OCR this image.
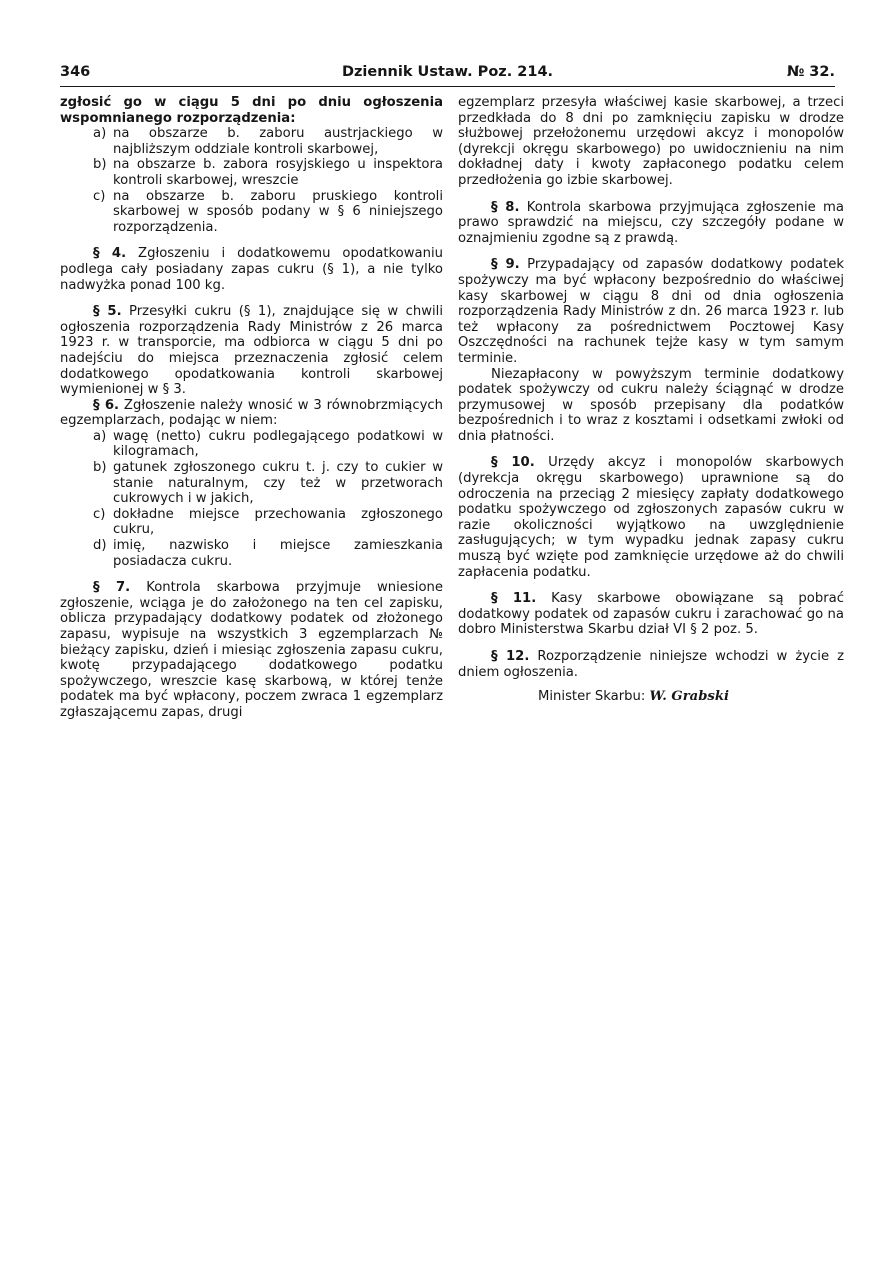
346	Dziennik Ustaw. Poz. 214.	№ 32.

zgłosić go w ciągu 5 dni po dniu ogłoszenia wspomnianego rozporządzenia:

a) na obszarze b. zaboru austrjackiego w najbliższym oddziale kontroli skarbowej,
b) na obszarze b. zabora rosyjskiego u inspektora kontroli skarbowej, wreszcie
c) na obszarze b. zaboru pruskiego kontroli skarbowej w sposób podany w § 6 niniejszego rozporządzenia.

§ 4. Zgłoszeniu i dodatkowemu opodatkowaniu podlega cały posiadany zapas cukru (§ 1), a nie tylko nadwyżka ponad 100 kg.

§ 5. Przesyłki cukru (§ 1), znajdujące się w chwili ogłoszenia rozporządzenia Rady Ministrów z 26 marca 1923 r. w transporcie, ma odbiorca w ciągu 5 dni po nadejściu do miejsca przeznaczenia zgłosić celem dodatkowego opodatkowania kontroli skarbowej wymienionej w § 3.

§ 6. Zgłoszenie należy wnosić w 3 równobrzmiących egzemplarzach, podając w niem:

a) wagę (netto) cukru podlegającego podatkowi w kilogramach,
b) gatunek zgłoszonego cukru t. j. czy to cukier w stanie naturalnym, czy też w przetworach cukrowych i w jakich,
c) dokładne miejsce przechowania zgłoszonego cukru,
d) imię, nazwisko i miejsce zamieszkania posiadacza cukru.

§ 7. Kontrola skarbowa przyjmuje wniesione zgłoszenie, wciąga je do założonego na ten cel zapisku, oblicza przypadający dodatkowy podatek od złożonego zapasu, wypisuje na wszystkich 3 egzemplarzach № bieżący zapisku, dzień i miesiąc zgłoszenia zapasu cukru, kwotę przypadającego dodatkowego podatku spożywczego, wreszcie kasę skarbową, w której tenże podatek ma być wpłacony, poczem zwraca 1 egzemplarz zgłaszającemu zapas, drugi

egzemplarz przesyła właściwej kasie skarbowej, a trzeci przedkłada do 8 dni po zamknięciu zapisku w drodze służbowej przełożonemu urzędowi akcyz i monopolów (dyrekcji okręgu skarbowego) po uwidocznieniu na nim dokładnej daty i kwoty zapłaconego podatku celem przedłożenia go izbie skarbowej.

§ 8. Kontrola skarbowa przyjmująca zgłoszenie ma prawo sprawdzić na miejscu, czy szczegóły podane w oznajmieniu zgodne są z prawdą.

§ 9. Przypadający od zapasów dodatkowy podatek spożywczy ma być wpłacony bezpośrednio do właściwej kasy skarbowej w ciągu 8 dni od dnia ogłoszenia rozporządzenia Rady Ministrów z dn. 26 marca 1923 r. lub też wpłacony za pośrednictwem Pocztowej Kasy Oszczędności na rachunek tejże kasy w tym samym terminie.

Niezapłacony w powyższym terminie dodatkowy podatek spożywczy od cukru należy ściągnąć w drodze przymusowej w sposób przepisany dla podatków bezpośrednich i to wraz z kosztami i odsetkami zwłoki od dnia płatności.

§ 10. Urzędy akcyz i monopolów skarbowych (dyrekcja okręgu skarbowego) uprawnione są do odroczenia na przeciąg 2 miesięcy zapłaty dodatkowego podatku spożywczego od zgłoszonych zapasów cukru w razie okoliczności wyjątkowo na uwzględnienie zasługujących; w tym wypadku jednak zapasy cukru muszą być wzięte pod zamknięcie urzędowe aż do chwili zapłacenia podatku.

§ 11. Kasy skarbowe obowiązane są pobrać dodatkowy podatek od zapasów cukru i zarachować go na dobro Ministerstwa Skarbu dział VI § 2 poz. 5.

§ 12. Rozporządzenie niniejsze wchodzi w życie z dniem ogłoszenia.

Minister Skarbu: W. Grabski
